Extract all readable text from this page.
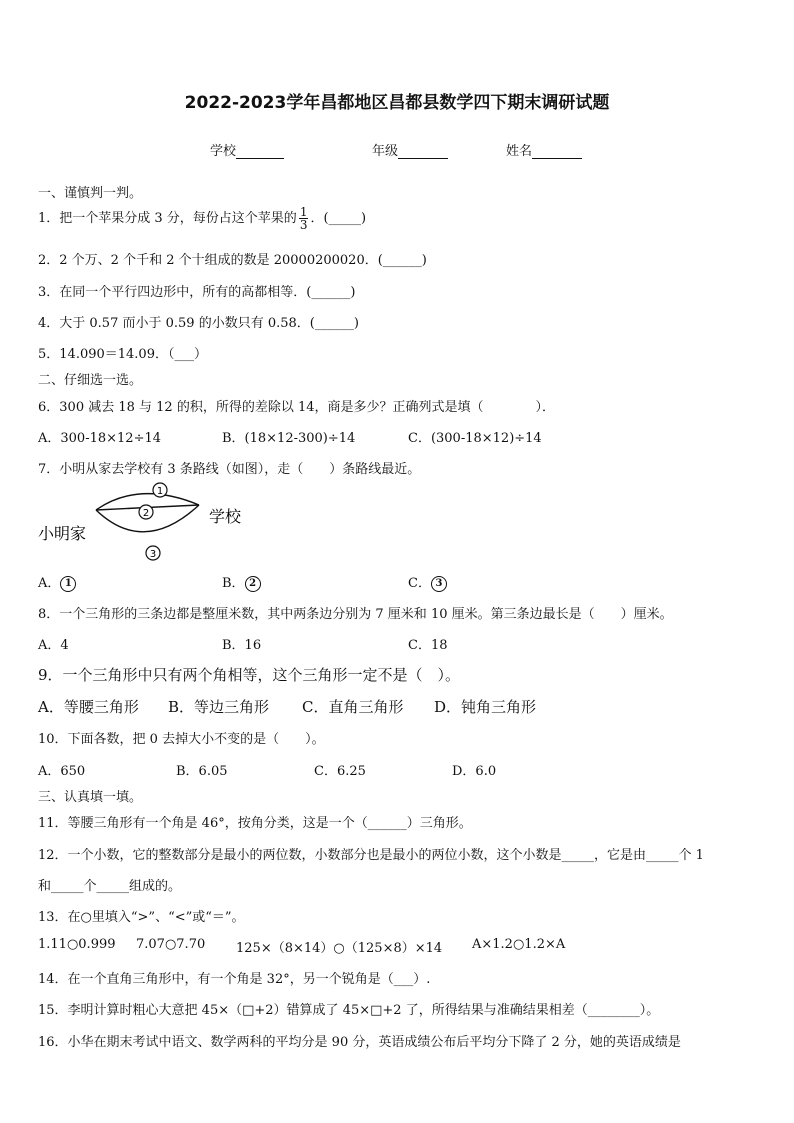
2022-2023学年昌都地区昌都县数学四下期末调研试题
学校	年级	姓名
一、谨慎判一判。
1．把一个苹果分成 3 分，每份占这个苹果的 $\frac{1}{3}$ ．(_____)
2．2 个万、2 个千和 2 个十组成的数是 20000200020．(______)
3．在同一个平行四边形中，所有的高都相等．(______)
4．大于 0.57 而小于 0.59 的小数只有 0.58．(______)
5．14.090＝14.09．（___）
二、仔细选一选。
6．300 减去 18 与 12 的积，所得的差除以 14，商是多少？正确列式是填（　　　　）．
A．300-18×12÷14	B．(18×12-300)÷14	C．(300-18×12)÷14
7．小明从家去学校有 3 条路线（如图），走（　　）条路线最近。
1
2
3
小明家
学校
A． 1	B． 2	C． 3
8．一个三角形的三条边都是整厘米数，其中两条边分别为 7 厘米和 10 厘米。第三条边最长是（　　）厘米。
A．4	B．16	C．18
9．一个三角形中只有两个角相等，这个三角形一定不是（　）。
A．等腰三角形 B．等边三角形 C．直角三角形 D．钝角三角形
10．下面各数，把 0 去掉大小不变的是（　　）。
A．650	B．6.05	C．6.25	D．6.0
三、认真填一填。
11．等腰三角形有一个角是 46°，按角分类，这是一个（______）三角形。
12．一个小数，它的整数部分是最小的两位数，小数部分也是最小的两位小数，这个小数是_____，它是由_____个 1
和_____个_____组成的。
13．在○里填入“>”、“<”或“＝”。
1.11○0.999 7.07○7.70 125×（8×14）○（125×8）×14 A×1.2○1.2×A
14．在一个直角三角形中，有一个角是 32°，另一个锐角是（___）.
15．李明计算时粗心大意把 45×（□+2）错算成了 45×□+2 了，所得结果与准确结果相差（________）。
16．小华在期末考试中语文、数学两科的平均分是 90 分，英语成绩公布后平均分下降了 2 分，她的英语成绩是
